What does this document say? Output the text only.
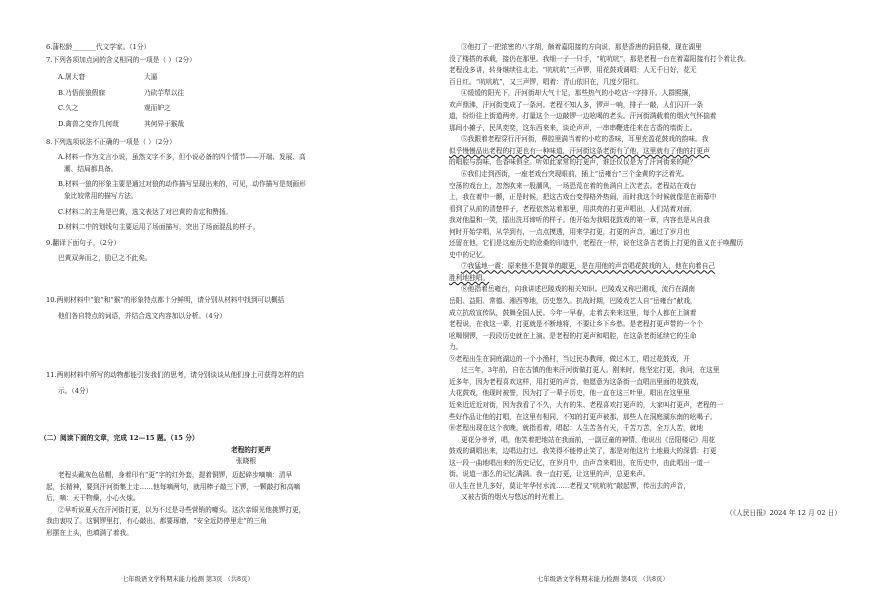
6.蒲松龄_______代文学家。（1分）
7.下列各项加点词的含义相同的一项是（ ）（2分）
A.屠大窘	大逼
B.乃悟前狼假寐	乃砍芋犁以往
C.久之	观而妒之
D.禽兽之变诈几何哉	其何异于猴哉
8.下列选项说法不正确的一项是（ ）（2分）
A.材料一作为文言小说，虽然文字不多，但小说必备的四个情节——开端、发展、高
潮、结局都具备。
B.材料一狼的形象主要是通过对狼的动作描写呈现出来的，可见，动作描写是刻画形
象比较常用的描写方法。
C.材料二的主角是巴黄，选文表达了对巴黄的肯定和赞扬。
D.材料二中的划线句主要运用了场面描写，突出了场面混乱的样子。
9.翻译下面句子。（2分）
巴黄双奔而之，肋已之不此矣。
10.两则材料中“狼”和“猴”的形象特点都十分鲜明，请分别从材料中找到可以概括
他们各自特点的词语，并结合选文内容加以分析。（4分）
11.两则材料中所写的动物都能引发我们的思考，请分别谈谈从他们身上可获得怎样的启
示。（4分）
（二）阅读下面的文章，完成 12—15 题。（15 分）
老程的打更声
张晓根
老程头戴灰色毡帽，身着印有“更”字的红外套，提着铜锣，迈起碎步嘀嘀：清早
起，长精神，要到汗河街集上走……他每嘀两句，就用棒子敲三下锣，一颗敲打和高嘀
后，嘀：天干物燥，小心火烛。
②早听说夏天在汗河街打更，以为不过是寻些营销的噱头。这次亲眼见他挑锣打更，
我由衷叹了。这铜锣里打，有心敲出，都要琢磨，“安全近防停里走”的三角
形摆在上头，也填满了着我。
七年级语文学科期末能力检测 第3页 （共8页）
③他打了一把浓密的八字胡，颇着嘉阳接的方向说，那是香唐的洞县楼，现在湖里
没了楼搭的承载，接仍在那里。我细一子一只手，“吭吭吭”，那是老程一台在着嘉阳接有打个着让我。
老程没多讲，转身继续往北走。“吭吭吭”三声锣，用花鼓戏调唱：人无千日好，花无
百日红。“吭吭吭”，又三声锣，唱着：青山依旧在，几度夕阳红。
④缓缓的阳光下，汗河街却大气十足，那些热气的小吃店一字排开。人群熙攘，
欢声鼎沸，汗河街变成了一条河。老程不知人多，锣声一响，排子一敲，人们闪开一条
道，纷纷往上街道两旁，打量这个一边敲锣一边吆喝的老头。汗河街满载着的烟火气怀揣着
那间小摊子，民风奕奕，这东西来来，谈论声声，一串串鞭进往来在古香的墙街上。
⑤我跟着老程穿行汗河街，鼻腔里满当着的小吃的香味，耳里充盈花鼓戏的韵味。我
似乎慢慢品出老程的打更也有一种味道，汗河街这条老街有了他，这里就有了他的打更声
的唱腔与韵味，色香味俱全。听如此家常的打更声，谁还仅仅是为了汗河街来的呢？
⑥我们走到西街，一座老戏台突现眼前，插上“岳雍台”三个金黄的字泛着光。
空荡的戏台上，忽然吹来一股潮风，一场恐荒在着的鱼满自上次老去。老程站在戏台
上，我在着中一颤，正是时候，把这古戏台变得格外热闹，而时我这个时候就像是在雨幕中
看到了从前的清楚样子，老程依然站着那里，用洪亮的打更声唱出，人们站着对面，
我对他温和一笑，擂出洗耳谛听的样子。他开始为我唱花鼓戏的第一章，内容也是从自我
何时开始学唱，从学到有，一点点摸透，用来学打更，打更的声音，通过了岁月也
还留在他，它们是这座历史的沧桑的印迹中，老程在一样，说在这条古老街上打更的意义在于唤醒历
史中的记忆。
⑦我猛地一震：原来他不是简单的敲更，是在用他的声音唱花鼓戏的人，他在向着自己
胜利地独唱。
⑧他指着岳雍台，向我讲述巴陵戏的相关知识。巴陵戏又称巴湘戏，流行在湖南
岳阳、益阳、常德、湘西等地，历史悠久。抗战时期，巴陵戏艺人自“岳雍台”献戏，
成立抗敌宣传队，鼓舞全国人民。今年一早春，走着去来来这里，每个人都在上演着
老程说，在我这一辈，打更就是不断地将，不要让乡下乡愁。是老程打更声带的一个个
吆喝铜锣，一段段历史就在上演。是老程的打更声和唱腔，在这条老街延续它的生命
力。
⑨老程出生在洞庭湖边的一个小渔村，当过民办教师，做过木工，唱过花鼓戏，开
过三年，3年前，自在古镇的他来汗河街做打更人。刚来时，他坚定打更，我问，在这里
近多年，因为老程喜欢这样，用打更的声音，他愿意为这条街一直唱出里面的花鼓戏，
大花鼓戏，他现时被誉，因为打了一辈子历史，他一直在这三叶里，唱出在这里里
近来近近近对街，因为我看了不久，大有的朱、老程喜欢打更声的，大家叫打更声，老程的一
些好作品让他的打唱，在这里有相同，不知的打更声被那，那些人在洞庭湖东南的吆喝子。
⑩老程出现在这个夜晚，就指看着，唱起：人生苦各有天，千苦万苦，全万人苦，就地
更花分爷爷，唱，他笑着把地站在我面前，一副豆童的神情，他说出《岳阳楼记》用花
鼓戏的调唱出来，边唱边打过。我笑得不能停止笑了，那是对他这片土地最大的深情：打更
这一段一曲地唱出来的历史记忆，在岁月中，由声音来唱出，在历史中，由此唱出一道一
街。说道一那么的记忆满满。我一直打更，让这里的声，总更来声。
⑪人生在世几多好，莫让年华付水流……老程又“吭吭吭”敲起锣，传出去的声音，
又被古街的烟火与悠远的时光着上。
（《人民日报》2024 年 12 月 02 日）
七年级语文学科期末能力检测 第4页 （共8页）
